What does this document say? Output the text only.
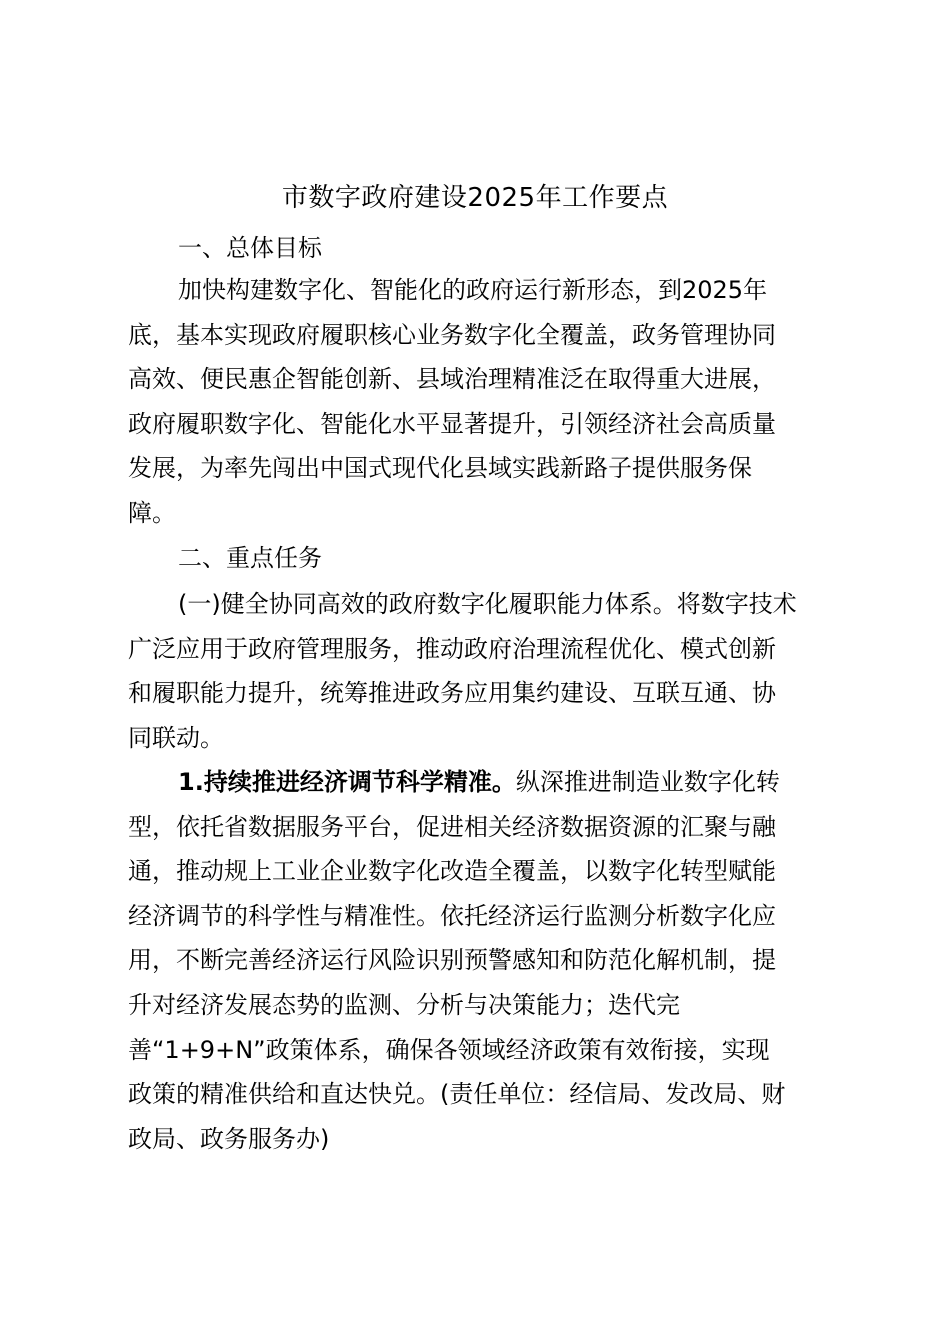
市数字政府建设2025年工作要点
一、总体目标
加快构建数字化、智能化的政府运行新形态，到2025年
底，基本实现政府履职核心业务数字化全覆盖，政务管理协同
高效、便民惠企智能创新、县域治理精准泛在取得重大进展，
政府履职数字化、智能化水平显著提升，引领经济社会高质量
发展，为率先闯出中国式现代化县域实践新路子提供服务保
障。
二、重点任务
(一)健全协同高效的政府数字化履职能力体系。将数字技术
广泛应用于政府管理服务，推动政府治理流程优化、模式创新
和履职能力提升，统筹推进政务应用集约建设、互联互通、协
同联动。
1.持续推进经济调节科学精准。纵深推进制造业数字化转
型，依托省数据服务平台，促进相关经济数据资源的汇聚与融
通，推动规上工业企业数字化改造全覆盖，以数字化转型赋能
经济调节的科学性与精准性。依托经济运行监测分析数字化应
用，不断完善经济运行风险识别预警感知和防范化解机制，提
升对经济发展态势的监测、分析与决策能力；迭代完
善“1+9+N”政策体系，确保各领域经济政策有效衔接，实现
政策的精准供给和直达快兑。(责任单位：经信局、发改局、财
政局、政务服务办)
